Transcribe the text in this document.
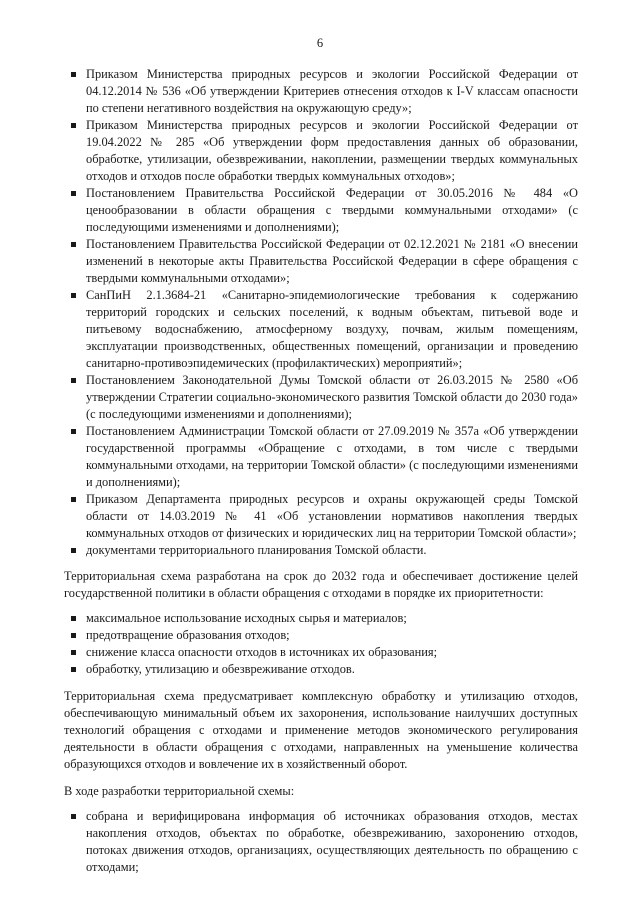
6
Приказом Министерства природных ресурсов и экологии Российской Федерации от 04.12.2014 № 536 «Об утверждении Критериев отнесения отходов к I-V классам опасности по степени негативного воздействия на окружающую среду»;
Приказом Министерства природных ресурсов и экологии Российской Федерации от 19.04.2022 № 285 «Об утверждении форм предоставления данных об образовании, обработке, утилизации, обезвреживании, накоплении, размещении твердых коммунальных отходов и отходов после обработки твердых коммунальных отходов»;
Постановлением Правительства Российской Федерации от 30.05.2016 № 484 «О ценообразовании в области обращения с твердыми коммунальными отходами» (с последующими изменениями и дополнениями);
Постановлением Правительства Российской Федерации от 02.12.2021 № 2181 «О внесении изменений в некоторые акты Правительства Российской Федерации в сфере обращения с твердыми коммунальными отходами»;
СанПиН 2.1.3684-21 «Санитарно-эпидемиологические требования к содержанию территорий городских и сельских поселений, к водным объектам, питьевой воде и питьевому водоснабжению, атмосферному воздуху, почвам, жилым помещениям, эксплуатации производственных, общественных помещений, организации и проведению санитарно-противоэпидемических (профилактических) мероприятий»;
Постановлением Законодательной Думы Томской области от 26.03.2015 № 2580 «Об утверждении Стратегии социально-экономического развития Томской области до 2030 года» (с последующими изменениями и дополнениями);
Постановлением Администрации Томской области от 27.09.2019 № 357а «Об утверждении государственной программы «Обращение с отходами, в том числе с твердыми коммунальными отходами, на территории Томской области» (с последующими изменениями и дополнениями);
Приказом Департамента природных ресурсов и охраны окружающей среды Томской области от 14.03.2019 № 41 «Об установлении нормативов накопления твердых коммунальных отходов от физических и юридических лиц на территории Томской области»;
документами территориального планирования Томской области.

Территориальная схема разработана на срок до 2032 года и обеспечивает достижение целей государственной политики в области обращения с отходами в порядке их приоритетности:

максимальное использование исходных сырья и материалов;
предотвращение образования отходов;
снижение класса опасности отходов в источниках их образования;
обработку, утилизацию и обезвреживание отходов.

Территориальная схема предусматривает комплексную обработку и утилизацию отходов, обеспечивающую минимальный объем их захоронения, использование наилучших доступных технологий обращения с отходами и применение методов экономического регулирования деятельности в области обращения с отходами, направленных на уменьшение количества образующихся отходов и вовлечение их в хозяйственный оборот.

В ходе разработки территориальной схемы:

собрана и верифицирована информация об источниках образования отходов, местах накопления отходов, объектах по обработке, обезвреживанию, захоронению отходов, потоках движения отходов, организациях, осуществляющих деятельность по обращению с отходами;
